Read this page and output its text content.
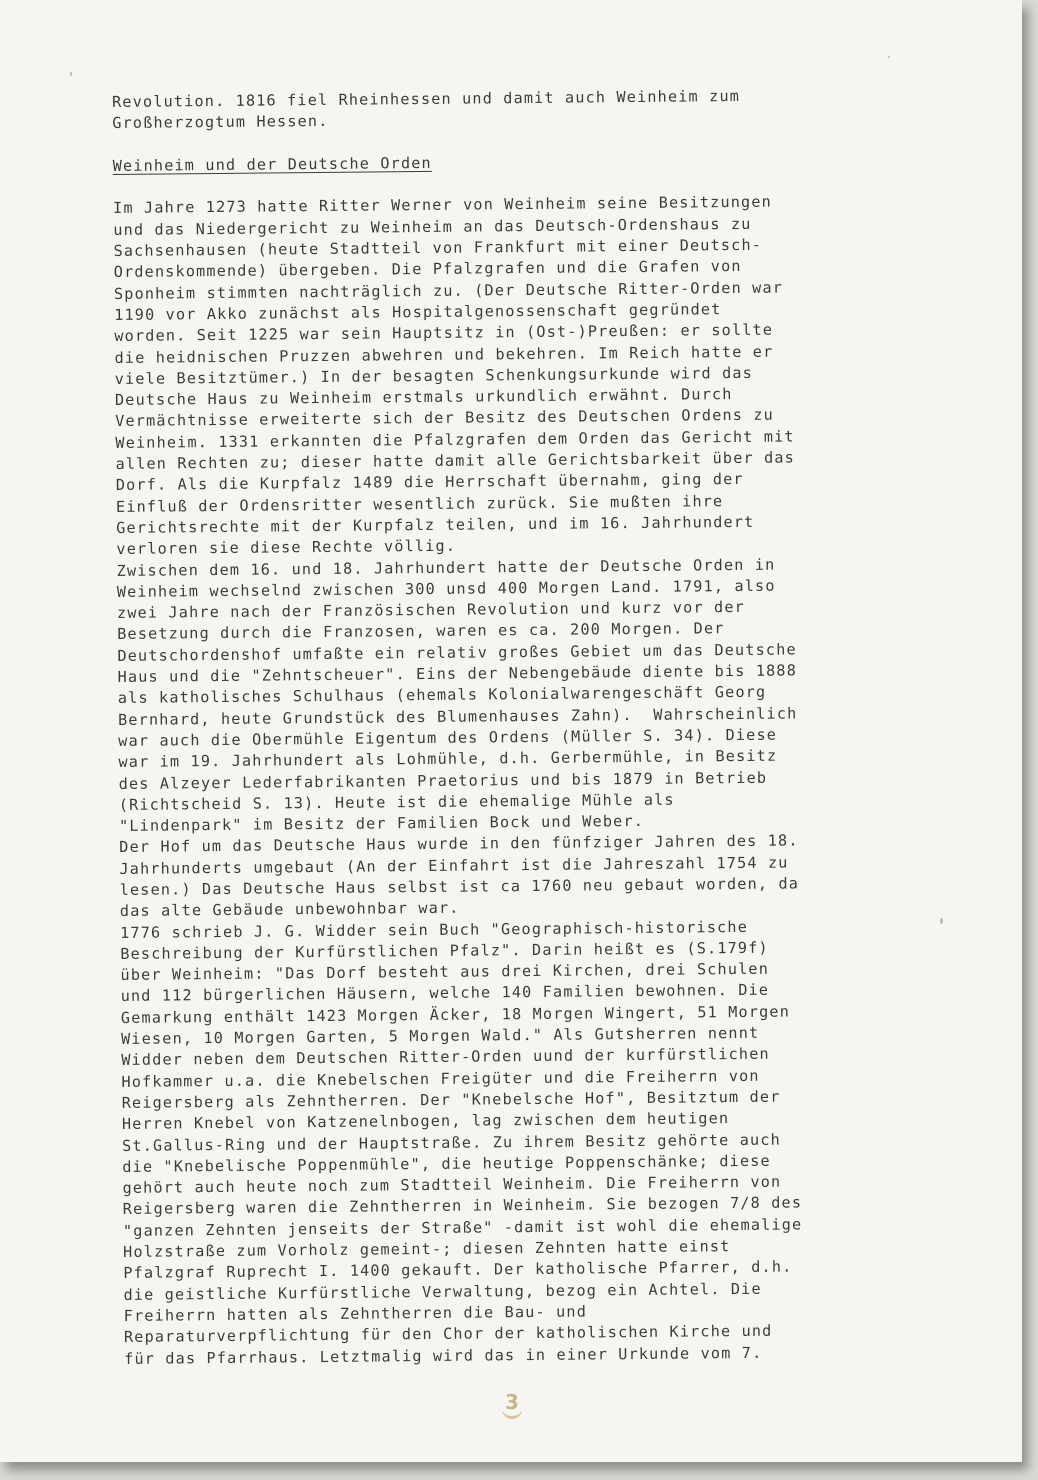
Revolution. 1816 fiel Rheinhessen und damit auch Weinheim zum
Großherzogtum Hessen.
Weinheim und der Deutsche Orden
Im Jahre 1273 hatte Ritter Werner von Weinheim seine Besitzungen
und das Niedergericht zu Weinheim an das Deutsch-Ordenshaus zu
Sachsenhausen (heute Stadtteil von Frankfurt mit einer Deutsch-
Ordenskommende) übergeben. Die Pfalzgrafen und die Grafen von
Sponheim stimmten nachträglich zu. (Der Deutsche Ritter-Orden war
1190 vor Akko zunächst als Hospitalgenossenschaft gegründet
worden. Seit 1225 war sein Hauptsitz in (Ost-)Preußen: er sollte
die heidnischen Pruzzen abwehren und bekehren. Im Reich hatte er
viele Besitztümer.) In der besagten Schenkungsurkunde wird das
Deutsche Haus zu Weinheim erstmals urkundlich erwähnt. Durch
Vermächtnisse erweiterte sich der Besitz des Deutschen Ordens zu
Weinheim. 1331 erkannten die Pfalzgrafen dem Orden das Gericht mit
allen Rechten zu; dieser hatte damit alle Gerichtsbarkeit über das
Dorf. Als die Kurpfalz 1489 die Herrschaft übernahm, ging der
Einfluß der Ordensritter wesentlich zurück. Sie mußten ihre
Gerichtsrechte mit der Kurpfalz teilen, und im 16. Jahrhundert
verloren sie diese Rechte völlig.
Zwischen dem 16. und 18. Jahrhundert hatte der Deutsche Orden in
Weinheim wechselnd zwischen 300 unsd 400 Morgen Land. 1791, also
zwei Jahre nach der Französischen Revolution und kurz vor der
Besetzung durch die Franzosen, waren es ca. 200 Morgen. Der
Deutschordenshof umfaßte ein relativ großes Gebiet um das Deutsche
Haus und die "Zehntscheuer". Eins der Nebengebäude diente bis 1888
als katholisches Schulhaus (ehemals Kolonialwarengeschäft Georg
Bernhard, heute Grundstück des Blumenhauses Zahn).  Wahrscheinlich
war auch die Obermühle Eigentum des Ordens (Müller S. 34). Diese
war im 19. Jahrhundert als Lohmühle, d.h. Gerbermühle, in Besitz
des Alzeyer Lederfabrikanten Praetorius und bis 1879 in Betrieb
(Richtscheid S. 13). Heute ist die ehemalige Mühle als
"Lindenpark" im Besitz der Familien Bock und Weber.
Der Hof um das Deutsche Haus wurde in den fünfziger Jahren des 18.
Jahrhunderts umgebaut (An der Einfahrt ist die Jahreszahl 1754 zu
lesen.) Das Deutsche Haus selbst ist ca 1760 neu gebaut worden, da
das alte Gebäude unbewohnbar war.
1776 schrieb J. G. Widder sein Buch "Geographisch-historische
Beschreibung der Kurfürstlichen Pfalz". Darin heißt es (S.179f)
über Weinheim: "Das Dorf besteht aus drei Kirchen, drei Schulen
und 112 bürgerlichen Häusern, welche 140 Familien bewohnen. Die
Gemarkung enthält 1423 Morgen Äcker, 18 Morgen Wingert, 51 Morgen
Wiesen, 10 Morgen Garten, 5 Morgen Wald." Als Gutsherren nennt
Widder neben dem Deutschen Ritter-Orden uund der kurfürstlichen
Hofkammer u.a. die Knebelschen Freigüter und die Freiherrn von
Reigersberg als Zehntherren. Der "Knebelsche Hof", Besitztum der
Herren Knebel von Katzenelnbogen, lag zwischen dem heutigen
St.Gallus-Ring und der Hauptstraße. Zu ihrem Besitz gehörte auch
die "Knebelische Poppenmühle", die heutige Poppenschänke; diese
gehört auch heute noch zum Stadtteil Weinheim. Die Freiherrn von
Reigersberg waren die Zehntherren in Weinheim. Sie bezogen 7/8 des
"ganzen Zehnten jenseits der Straße" -damit ist wohl die ehemalige
Holzstraße zum Vorholz gemeint-; diesen Zehnten hatte einst
Pfalzgraf Ruprecht I. 1400 gekauft. Der katholische Pfarrer, d.h.
die geistliche Kurfürstliche Verwaltung, bezog ein Achtel. Die
Freiherrn hatten als Zehntherren die Bau- und
Reparaturverpflichtung für den Chor der katholischen Kirche und
für das Pfarrhaus. Letztmalig wird das in einer Urkunde vom 7.
3
